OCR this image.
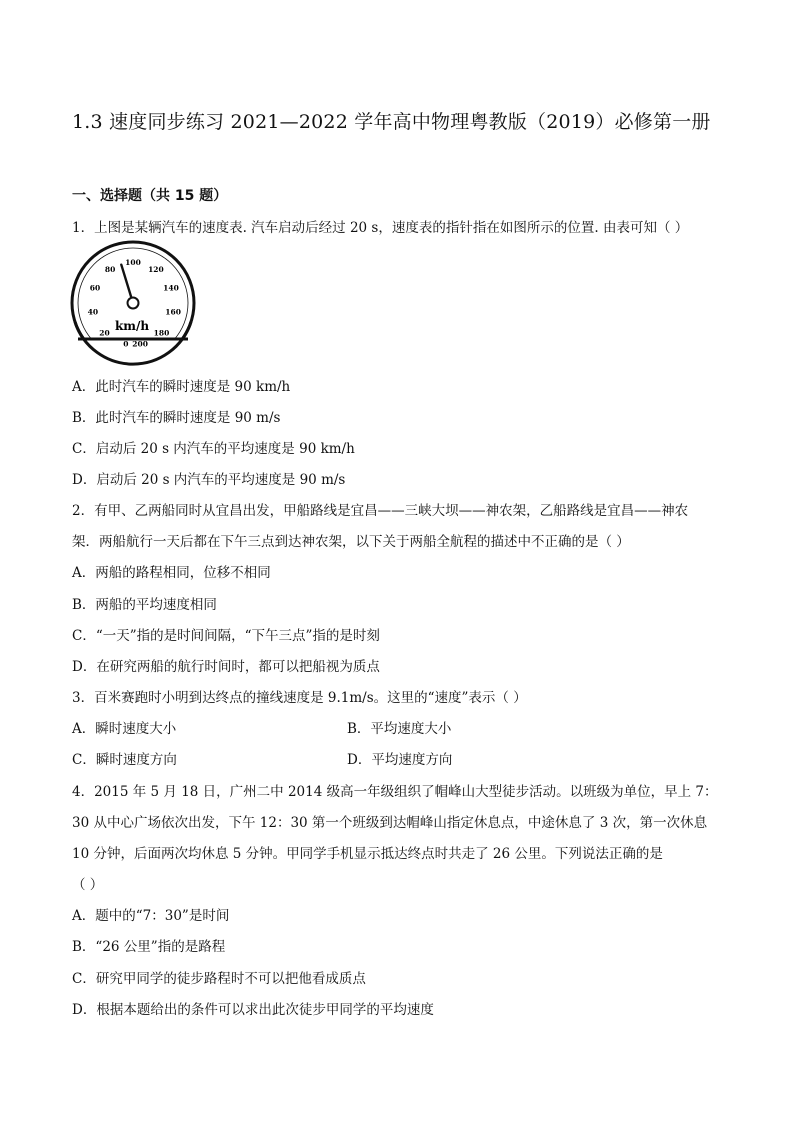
1.3 速度同步练习 2021—2022 学年高中物理粤教版（2019）必修第一册
一、选择题（共 15 题）
1．上图是某辆汽车的速度表. 汽车启动后经过 20 s，速度表的指针指在如图所示的位置. 由表可知（ ）
0
20
40
60
80
100
120
140
160
180
200
km/h
A．此时汽车的瞬时速度是 90 km/h
B．此时汽车的瞬时速度是 90 m/s
C．启动后 20 s 内汽车的平均速度是 90 km/h
D．启动后 20 s 内汽车的平均速度是 90 m/s
2．有甲、乙两船同时从宜昌出发，甲船路线是宜昌——三峡大坝——神农架，乙船路线是宜昌——神农
架．两船航行一天后都在下午三点到达神农架，以下关于两船全航程的描述中不正确的是（ ）
A．两船的路程相同，位移不相同
B．两船的平均速度相同
C．“一天”指的是时间间隔，“下午三点”指的是时刻
D．在研究两船的航行时间时，都可以把船视为质点
3．百米赛跑时小明到达终点的撞线速度是 9.1m/s。这里的“速度”表示（ ）
A．瞬时速度大小	B．平均速度大小
C．瞬时速度方向	D．平均速度方向
4．2015 年 5 月 18 日，广州二中 2014 级高一年级组织了帽峰山大型徒步活动。以班级为单位，早上 7：
30 从中心广场依次出发，下午 12：30 第一个班级到达帽峰山指定休息点，中途休息了 3 次，第一次休息
10 分钟，后面两次均休息 5 分钟。甲同学手机显示抵达终点时共走了 26 公里。下列说法正确的是
（ ）
A．题中的“7：30”是时间
B．“26 公里”指的是路程
C．研究甲同学的徒步路程时不可以把他看成质点
D．根据本题给出的条件可以求出此次徒步甲同学的平均速度
